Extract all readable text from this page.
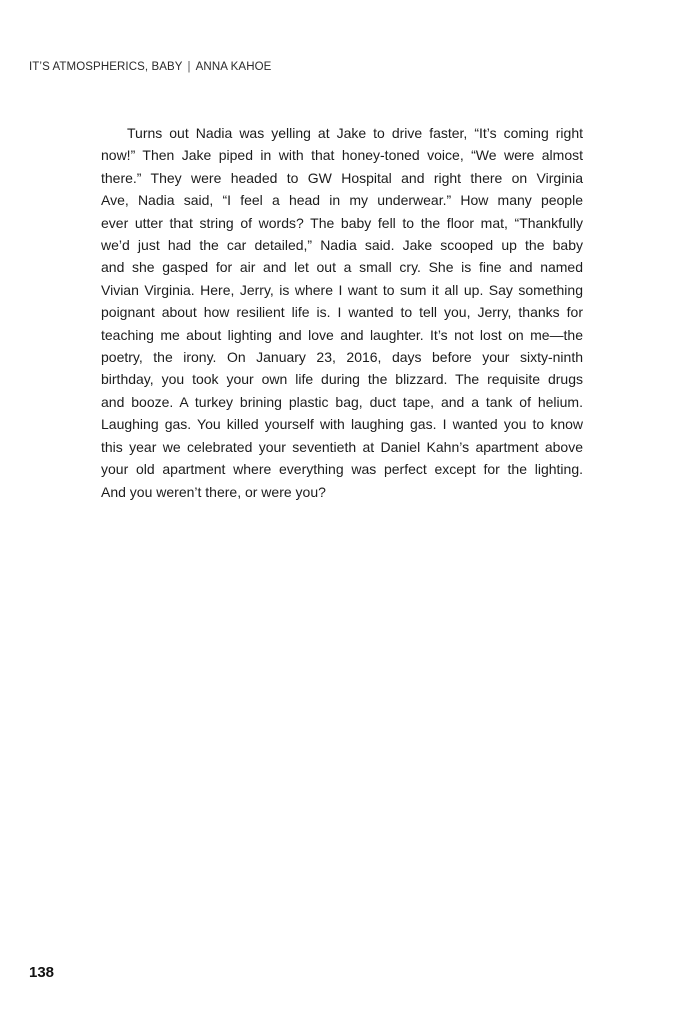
IT’S ATMOSPHERICS, BABY | ANNA KAHOE
Turns out Nadia was yelling at Jake to drive faster, “It’s coming right
now!” Then Jake piped in with that honey-toned voice, “We were almost
there.” They were headed to GW Hospital and right there on Virginia
Ave, Nadia said, “I feel a head in my underwear.” How many people
ever utter that string of words? The baby fell to the floor mat, “Thankfully
we’d just had the car detailed,” Nadia said. Jake scooped up the baby
and she gasped for air and let out a small cry. She is fine and named
Vivian Virginia. Here, Jerry, is where I want to sum it all up. Say something
poignant about how resilient life is. I wanted to tell you, Jerry, thanks for
teaching me about lighting and love and laughter. It’s not lost on me—the
poetry, the irony. On January 23, 2016, days before your sixty-ninth
birthday, you took your own life during the blizzard. The requisite drugs
and booze. A turkey brining plastic bag, duct tape, and a tank of helium.
Laughing gas. You killed yourself with laughing gas. I wanted you to know
this year we celebrated your seventieth at Daniel Kahn’s apartment above
your old apartment where everything was perfect except for the lighting.
And you weren’t there, or were you?
138
